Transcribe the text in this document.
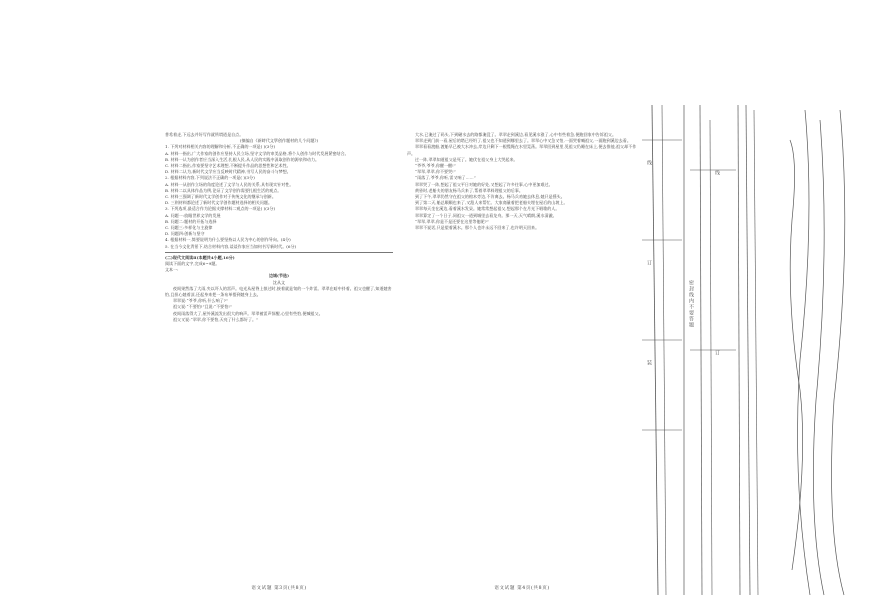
普希着走,下远去并好写作就所谓道是自点。

(摘编自《新時代文學创作题材的几个问题》)

1. 下列对材料相关内容的理解和分析,不正确的一项是( )(3分)

A. 材料一指出,广大作家的创作应坚持人民立场,坚守文学的审美品格,将个人创作与时代发展紧密结合。

B. 材料一认为创作者应当深入生活,扎根人民,从人民的实践中汲取创作的源泉和动力。

C. 材料二指出,作家要坚守艺术理想,不断提升作品的思想性和艺术性。

D. 材料二认为,新时代文学应当反映时代精神,书写人民的奋斗与梦想。

2. 根据材料内容,下列说法不正确的一项是( )(3分)

A. 材料一从创作立场的角度论述了文学与人民的关系,具有现实针对性。

B. 材料二以具体作品为例,论证了文学创作需要扎根生活的观点。

C. 材料三强调了新时代文学创作对于传统文化的继承与创新。

D. 三则材料都论述了新时代文学创作题材选择的相关问题。

3. 下列选项,最适合作为论据支撑材料二观点的一项是( )(3分)

A. 问题一:放眼世界文学的发展

B. 问题二:题材的开拓与选择

C. 问题三:多样化与主旋律

D. 问题四:创新与坚守

4. 根据材料一,简要说明为什么要坚持以人民为中心的创作导向。(4分)

5. 在当今文化背景下,结合材料内容,谈谈作家应当如何书写新时代。(6分)

(二)现代文阅读Ⅱ(本题共4小题,16分)

阅读下面的文字,完成6~9题。

文本一:

边城(节选)

沈从文

夜间果然落了大雨,夹以吓人的雷声。电光从屋脊上掠过时,接着就是訇的一个炸雷。翠翠在暗中抖着。祖父也醒了,知道她害怕,且担心她着凉,还起身来把一条布单搭到她身上去。

翠翠说:“爷爷,你听,什么响了?”

祖父说:“不要怕!”且说:“不要怕!”

夜间雨落得大了,屋外溪流发出很大的响声。翠翠被雷声惊醒,心里有些怕,便喊祖父。

祖父又说:“翠翠,你不要怕,天亮了什么都好了。”

语文试题 第3页(共8页)

大水,已淹过了码头,下到碾水去的路都淹没了。翠翠走到溪边,看见溪水涨了,心中有些着急,便跑回家中告诉祖父。

翠翠走到门前一看,屋后的塔已经坍了,祖父也不知道到哪里去了。翠翠心中又急又怕,一面哭着喊祖父,一面跑到溪边去看。

翠翠看看渡船,渡船早已被大水冲去,岸边只剩下一根缆绳在水里晃荡。翠翠回到屋里,见祖父仍睡在床上,便去推他,祖父却不作声。

过一阵,翠翠知道祖父是死了。她伏在祖父身上大哭起来。

“爷爷,爷爷,你醒一醒!”

“翠翠,翠翠,你不要哭!”

“雨落了,爷爷,你听,雷又响了……”

翠翠哭了一阵,想起了祖父平日对她的好处,又想起了许多往事,心中更加难过。

黄昏时,老船夫的朋友杨马兵来了,帮着翠翠料理祖父的后事。

到了下午,翠翠仍然守在祖父的棺木旁边,不肯离去。杨马兵劝她去休息,她只是摇头。

到了第二天,船总顺顺也来了,又派人来帮忙。大家商量着把老船夫埋在屋后的山坡上。

翠翠每天坐在溪边,看着溪水发呆。她常常想起祖父,想起那个在月光下唱歌的人。

翠翠算定了一个日子,同祖父一道到城里去看龙舟。那一天,天气晴朗,溪水清澈。

“翠翠,翠翠,你是不是还要在这里等他呢?”

翠翠不说话,只是望着溪水。那个人也许永远不回来了,也许明天回来。

语文试题 第4页(共8页)
密封线内不要答题
线
订
装
线
订
